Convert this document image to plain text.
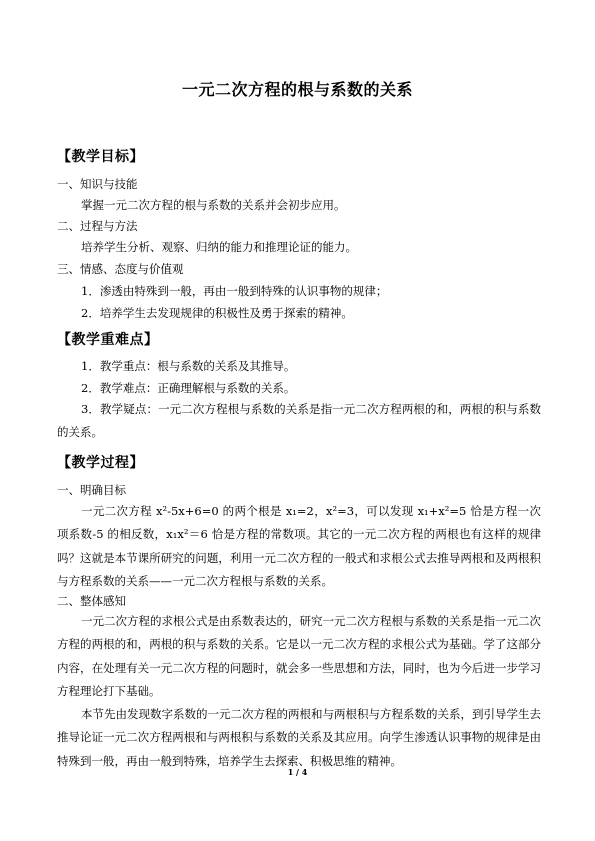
一元二次方程的根与系数的关系
【教学目标】
一、知识与技能
掌握一元二次方程的根与系数的关系并会初步应用。
二、过程与方法
培养学生分析、观察、归纳的能力和推理论证的能力。
三、情感、态度与价值观
1．渗透由特殊到一般，再由一般到特殊的认识事物的规律；
2．培养学生去发现规律的积极性及勇于探索的精神。
【教学重难点】
1．教学重点：根与系数的关系及其推导。
2．教学难点：正确理解根与系数的关系。
3．教学疑点：一元二次方程根与系数的关系是指一元二次方程两根的和，两根的积与系数的关系。
【教学过程】
一、明确目标
一元二次方程 x²-5x+6=0 的两个根是 x₁=2，x²=3，可以发现 x₁+x²=5 恰是方程一次项系数-5 的相反数，x₁x²＝6 恰是方程的常数项。其它的一元二次方程的两根也有这样的规律吗？这就是本节课所研究的问题，利用一元二次方程的一般式和求根公式去推导两根和及两根积与方程系数的关系——一元二次方程根与系数的关系。
二、整体感知
一元二次方程的求根公式是由系数表达的，研究一元二次方程根与系数的关系是指一元二次方程的两根的和，两根的积与系数的关系。它是以一元二次方程的求根公式为基础。学了这部分内容，在处理有关一元二次方程的问题时，就会多一些思想和方法，同时，也为今后进一步学习方程理论打下基础。
本节先由发现数字系数的一元二次方程的两根和与两根积与方程系数的关系，到引导学生去推导论证一元二次方程两根和与两根积与系数的关系及其应用。向学生渗透认识事物的规律是由特殊到一般，再由一般到特殊，培养学生去探索、积极思维的精神。
1 / 4
